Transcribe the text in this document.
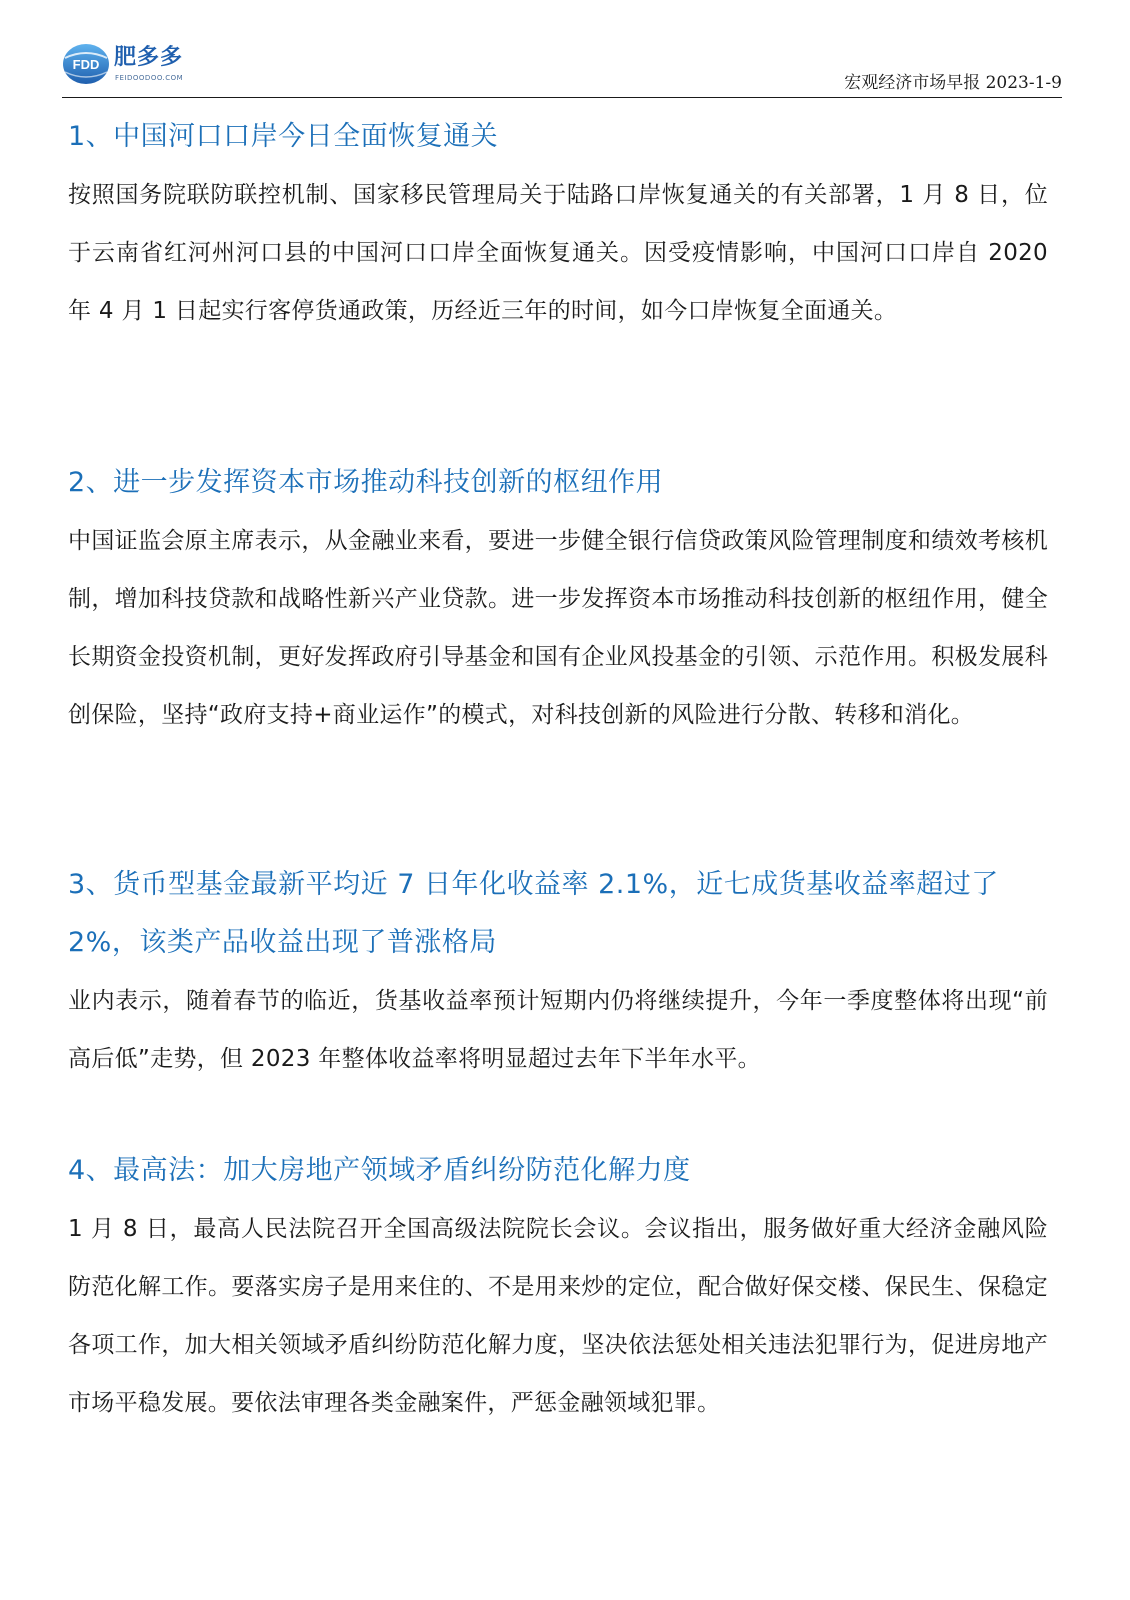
FDD 肥多多
FEIDOODOO.COM	宏观经济市场早报 2023-1-9
1、中国河口口岸今日全面恢复通关

按照国务院联防联控机制、国家移民管理局关于陆路口岸恢复通关的有关部署，1 月 8 日，位于云南省红河州河口县的中国河口口岸全面恢复通关。因受疫情影响，中国河口口岸自 2020 年 4 月 1 日起实行客停货通政策，历经近三年的时间，如今口岸恢复全面通关。

2、进一步发挥资本市场推动科技创新的枢纽作用

中国证监会原主席表示，从金融业来看，要进一步健全银行信贷政策风险管理制度和绩效考核机制，增加科技贷款和战略性新兴产业贷款。进一步发挥资本市场推动科技创新的枢纽作用，健全长期资金投资机制，更好发挥政府引导基金和国有企业风投基金的引领、示范作用。积极发展科创保险，坚持“政府支持+商业运作”的模式，对科技创新的风险进行分散、转移和消化。

3、货币型基金最新平均近 7 日年化收益率 2.1%，近七成货基收益率超过了 2%，该类产品收益出现了普涨格局

业内表示，随着春节的临近，货基收益率预计短期内仍将继续提升，今年一季度整体将出现“前高后低”走势，但 2023 年整体收益率将明显超过去年下半年水平。

4、最高法：加大房地产领域矛盾纠纷防范化解力度

1 月 8 日，最高人民法院召开全国高级法院院长会议。会议指出，服务做好重大经济金融风险防范化解工作。要落实房子是用来住的、不是用来炒的定位，配合做好保交楼、保民生、保稳定各项工作，加大相关领域矛盾纠纷防范化解力度，坚决依法惩处相关违法犯罪行为，促进房地产市场平稳发展。要依法审理各类金融案件，严惩金融领域犯罪。
